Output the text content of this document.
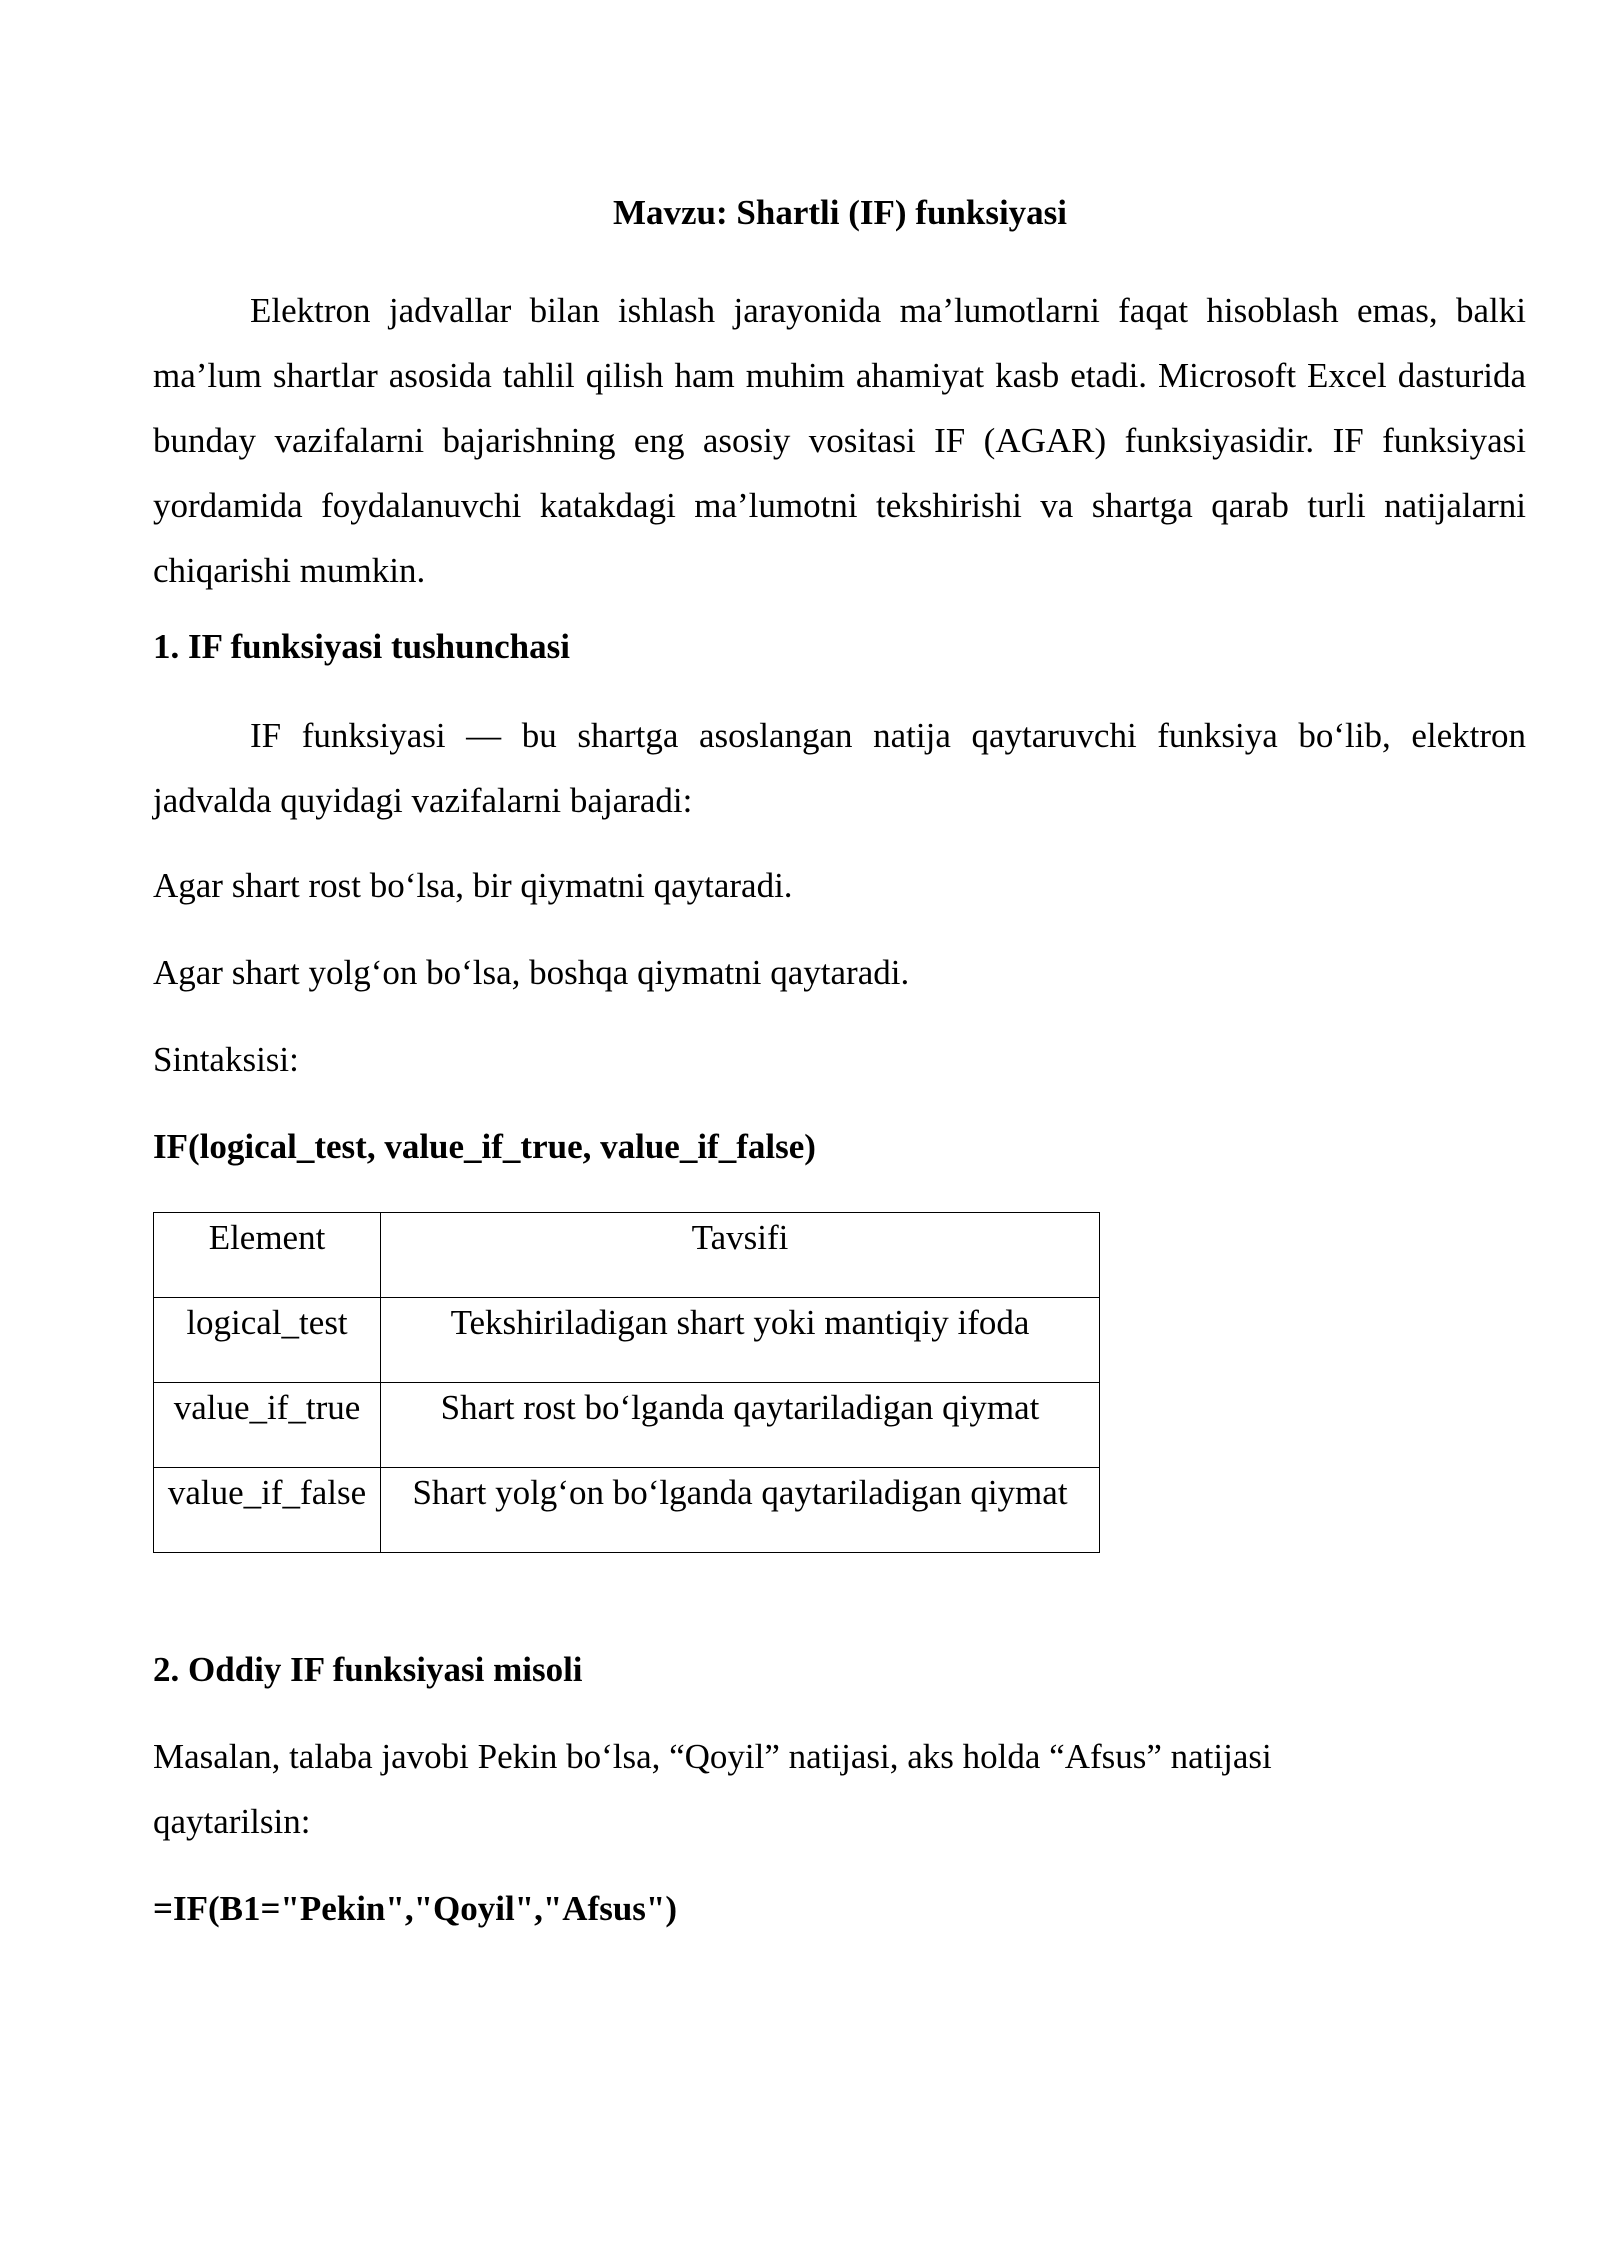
Mavzu: Shartli (IF) funksiyasi
Elektron jadvallar bilan ishlash jarayonida ma’lumotlarni faqat hisoblash emas, balki ma’lum shartlar asosida tahlil qilish ham muhim ahamiyat kasb etadi. Microsoft Excel dasturida bunday vazifalarni bajarishning eng asosiy vositasi IF (AGAR) funksiyasidir. IF funksiyasi yordamida foydalanuvchi katakdagi ma’lumotni tekshirishi va shartga qarab turli natijalarni chiqarishi mumkin.
1. IF funksiyasi tushunchasi
IF funksiyasi — bu shartga asoslangan natija qaytaruvchi funksiya bo‘lib, elektron jadvalda quyidagi vazifalarni bajaradi:
Agar shart rost bo‘lsa, bir qiymatni qaytaradi.
Agar shart yolg‘on bo‘lsa, boshqa qiymatni qaytaradi.
Sintaksisi:
IF(logical_test, value_if_true, value_if_false)
Element	Tavsifi
logical_test	Tekshiriladigan shart yoki mantiqiy ifoda
value_if_true	Shart rost bo‘lganda qaytariladigan qiymat
value_if_false	Shart yolg‘on bo‘lganda qaytariladigan qiymat
2. Oddiy IF funksiyasi misoli
Masalan, talaba javobi Pekin bo‘lsa, “Qoyil” natijasi, aks holda “Afsus” natijasi
qaytarilsin:
=IF(B1="Pekin","Qoyil","Afsus")
